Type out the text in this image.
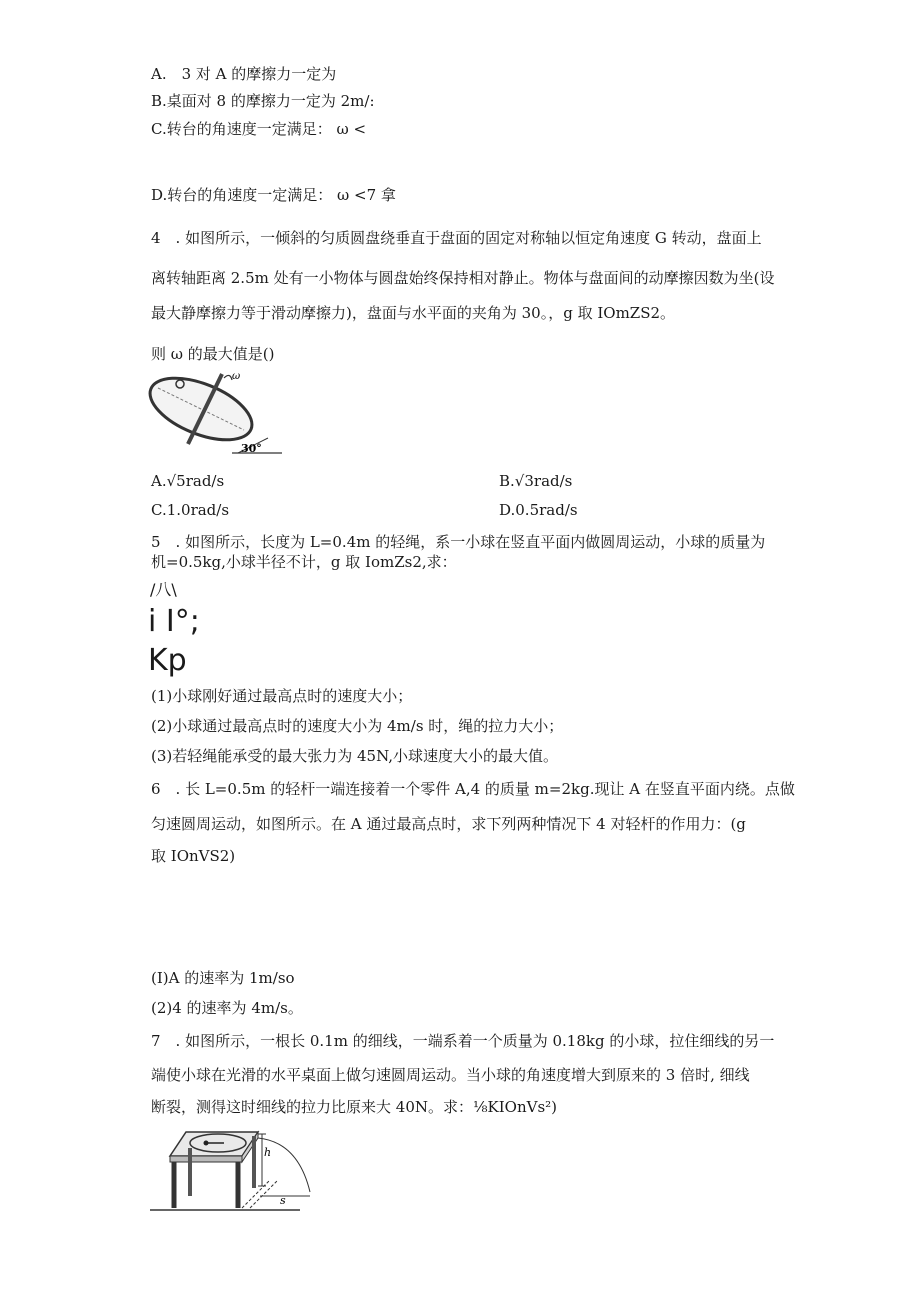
A.　3 对 A 的摩擦力一定为
B.桌面对 8 的摩擦力一定为 2m∕:
C.转台的角速度一定满足： ω <
D.转台的角速度一定满足： ω <7 拿
4　. 如图所示，一倾斜的匀质圆盘绕垂直于盘面的固定对称轴以恒定角速度 G 转动，盘面上
离转轴距离 2.5m 处有一小物体与圆盘始终保持相对静止。物体与盘面间的动摩擦因数为坐(设
最大静摩擦力等于滑动摩擦力)，盘面与水平面的夹角为 30。，g 取 IOmZS2。
则 ω 的最大值是()
ω
30°
A.√5rad/s	B.√3rad/s
C.1.0rad/s	D.0.5rad/s
5　. 如图所示，长度为 L=0.4m 的轻绳，系一小球在竖直平面内做圆周运动，小球的质量为
机=0.5kg,小球半径不计，g 取 IomZs2,求：
/八\
i I°;
Kp
(1)小球刚好通过最高点时的速度大小；
(2)小球通过最高点时的速度大小为 4m/s 时，绳的拉力大小；
(3)若轻绳能承受的最大张力为 45N,小球速度大小的最大值。
6　. 长 L=0.5m 的轻杆一端连接着一个零件 A,4 的质量 m=2kg.现让 A 在竖直平面内绕。点做
匀速圆周运动，如图所示。在 A 通过最高点时，求下列两种情况下 4 对轻杆的作用力：(g
取 IOnVS2)
(I)A 的速率为 1m/so
(2)4 的速率为 4m/s。
7　. 如图所示，一根长 0.1m 的细线，一端系着一个质量为 0.18kg 的小球，拉住细线的另一
端使小球在光滑的水平桌面上做匀速圆周运动。当小球的角速度增大到原来的 3 倍时, 细线
断裂，测得这时细线的拉力比原来大 40N。求：⅛KIOnVs²)
h
s
